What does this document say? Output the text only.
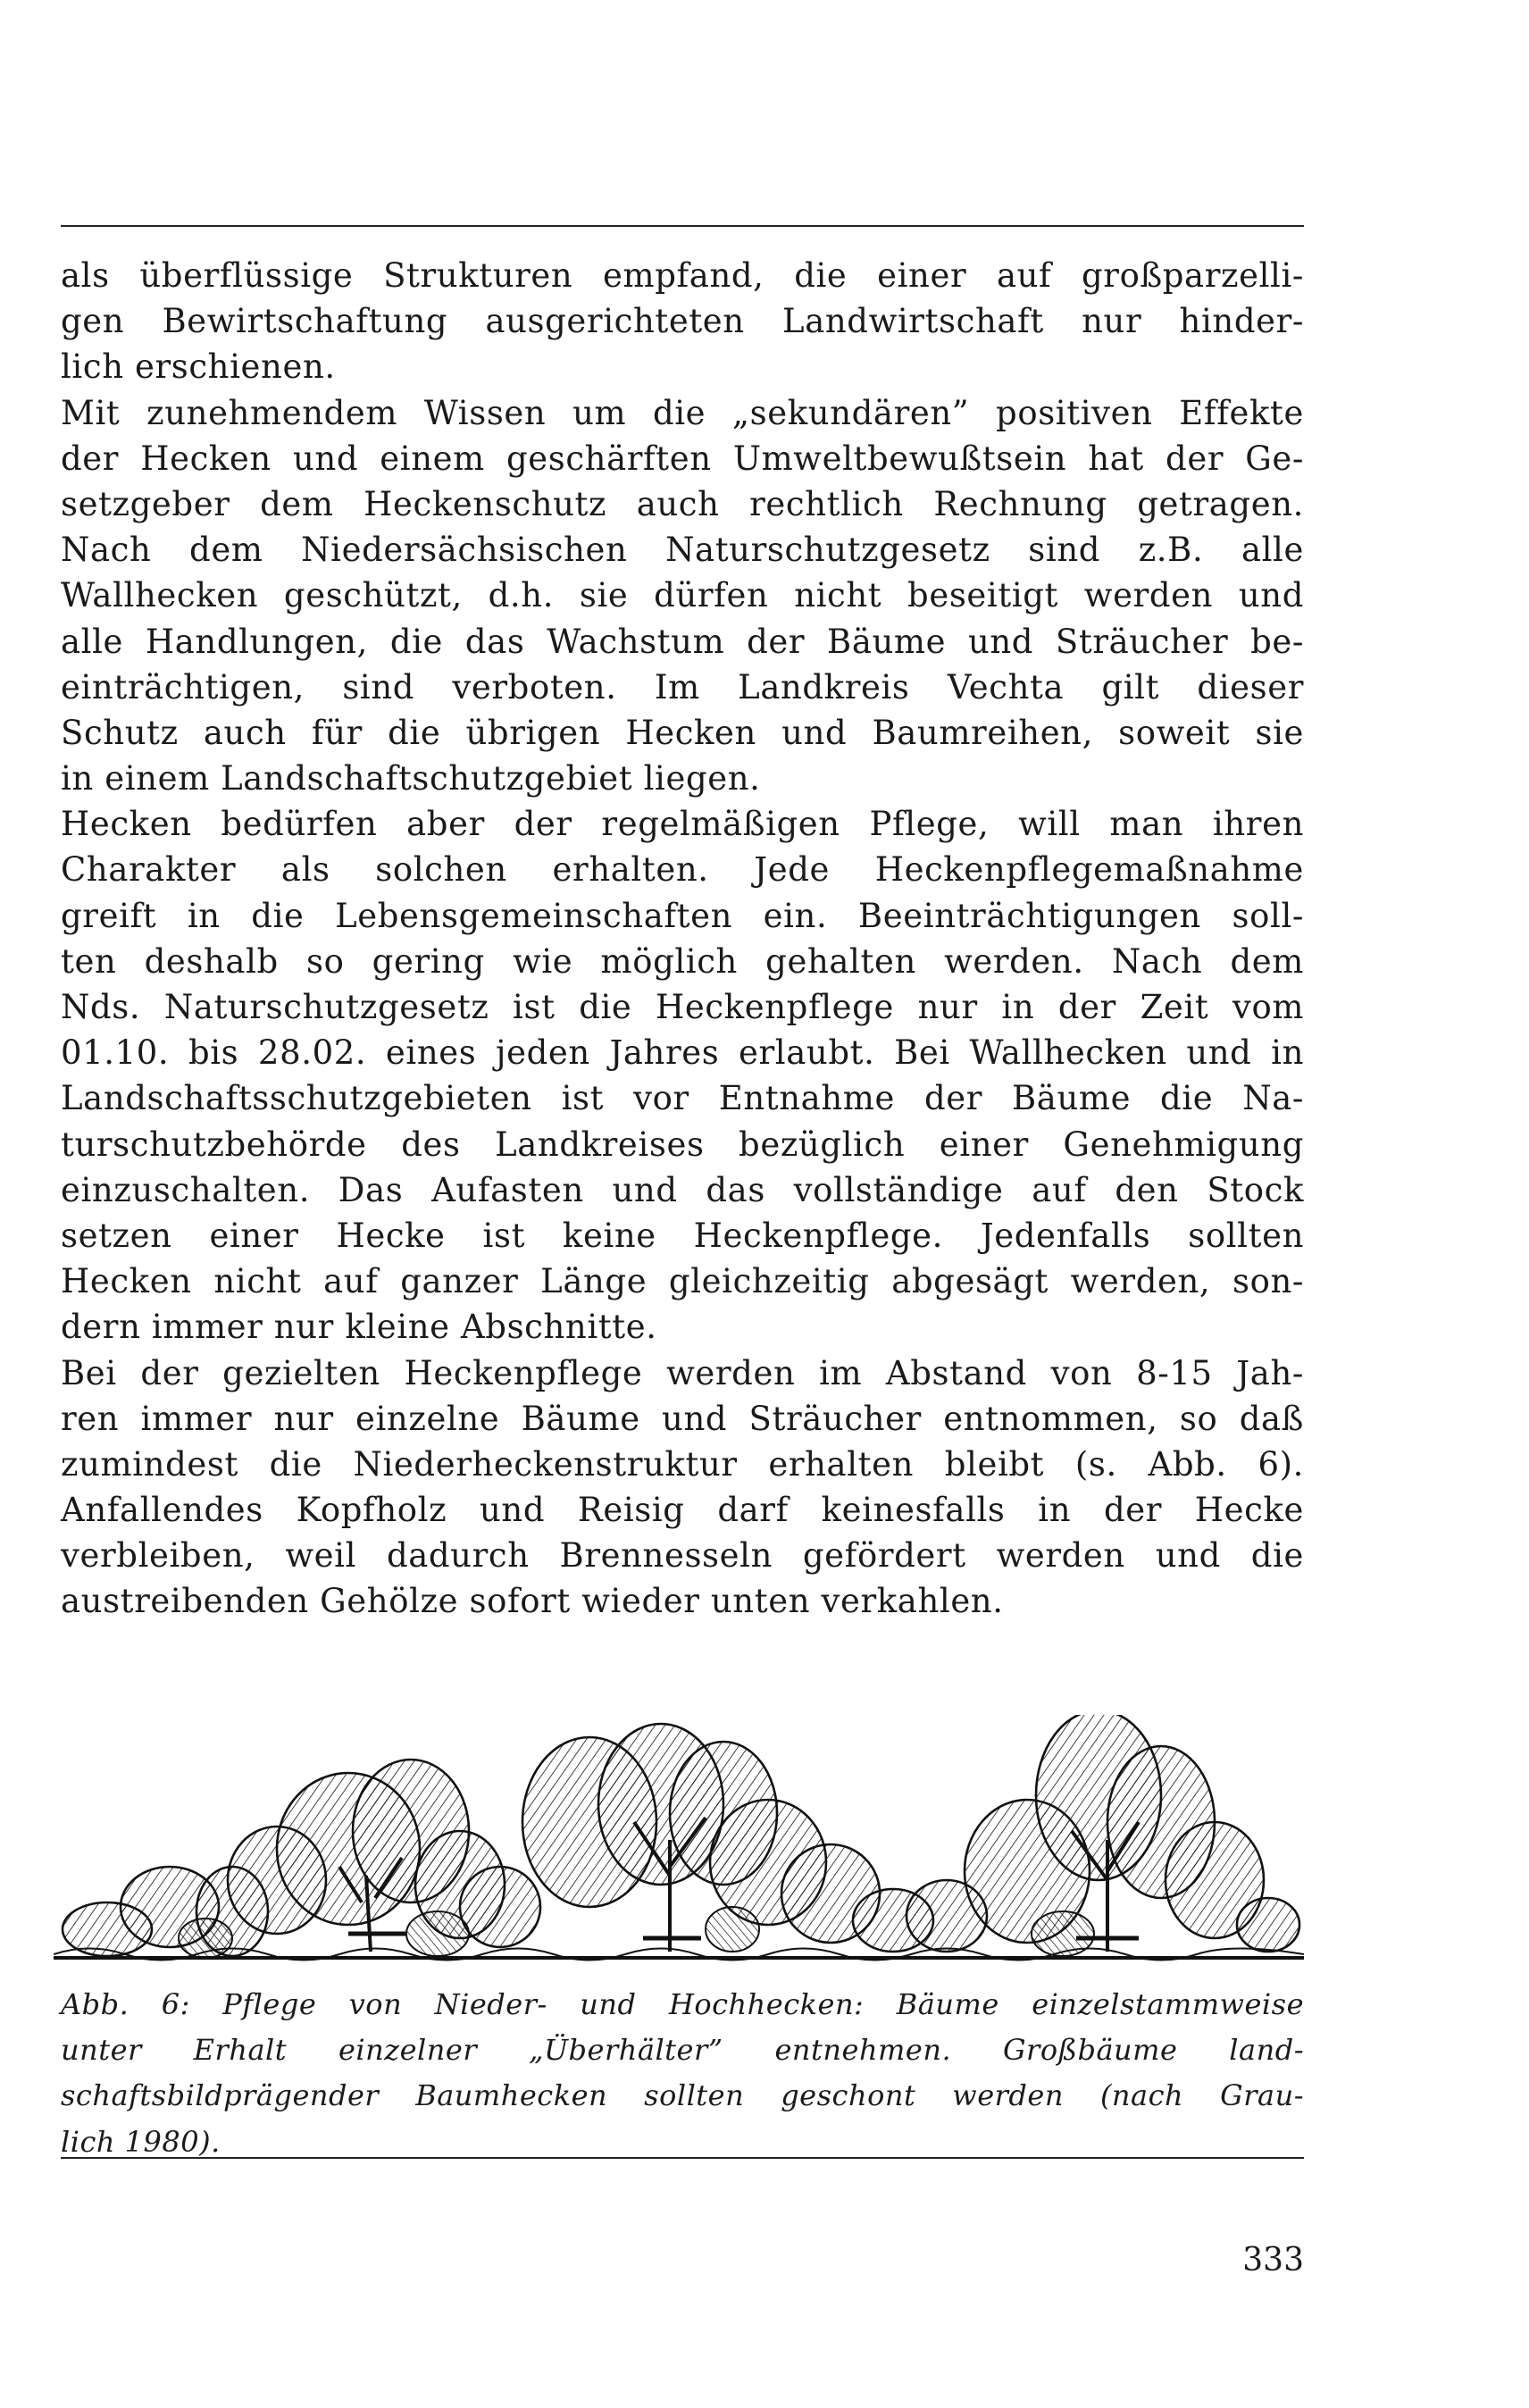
als überflüssige Strukturen empfand, die einer auf großparzelli-
gen Bewirtschaftung ausgerichteten Landwirtschaft nur hinder-
lich erschienen.
Mit zunehmendem Wissen um die „sekundären” positiven Effekte
der Hecken und einem geschärften Umweltbewußtsein hat der Ge-
setzgeber dem Heckenschutz auch rechtlich Rechnung getragen.
Nach dem Niedersächsischen Naturschutzgesetz sind z.B. alle
Wallhecken geschützt, d.h. sie dürfen nicht beseitigt werden und
alle Handlungen, die das Wachstum der Bäume und Sträucher be-
einträchtigen, sind verboten. Im Landkreis Vechta gilt dieser
Schutz auch für die übrigen Hecken und Baumreihen, soweit sie
in einem Landschaftschutzgebiet liegen.
Hecken bedürfen aber der regelmäßigen Pflege, will man ihren
Charakter als solchen erhalten. Jede Heckenpflegemaßnahme
greift in die Lebensgemeinschaften ein. Beeinträchtigungen soll-
ten deshalb so gering wie möglich gehalten werden. Nach dem
Nds. Naturschutzgesetz ist die Heckenpflege nur in der Zeit vom
01.10. bis 28.02. eines jeden Jahres erlaubt. Bei Wallhecken und in
Landschaftsschutzgebieten ist vor Entnahme der Bäume die Na-
turschutzbehörde des Landkreises bezüglich einer Genehmigung
einzuschalten. Das Aufasten und das vollständige auf den Stock
setzen einer Hecke ist keine Heckenpflege. Jedenfalls sollten
Hecken nicht auf ganzer Länge gleichzeitig abgesägt werden, son-
dern immer nur kleine Abschnitte.
Bei der gezielten Heckenpflege werden im Abstand von 8-15 Jah-
ren immer nur einzelne Bäume und Sträucher entnommen, so daß
zumindest die Niederheckenstruktur erhalten bleibt (s. Abb. 6).
Anfallendes Kopfholz und Reisig darf keinesfalls in der Hecke
verbleiben, weil dadurch Brennesseln gefördert werden und die
austreibenden Gehölze sofort wieder unten verkahlen.
Abb. 6: Pflege von Nieder- und Hochhecken: Bäume einzelstammweise
unter Erhalt einzelner „Überhälter” entnehmen. Großbäume land-
schaftsbildprägender Baumhecken sollten geschont werden (nach Grau-
lich 1980).
333
